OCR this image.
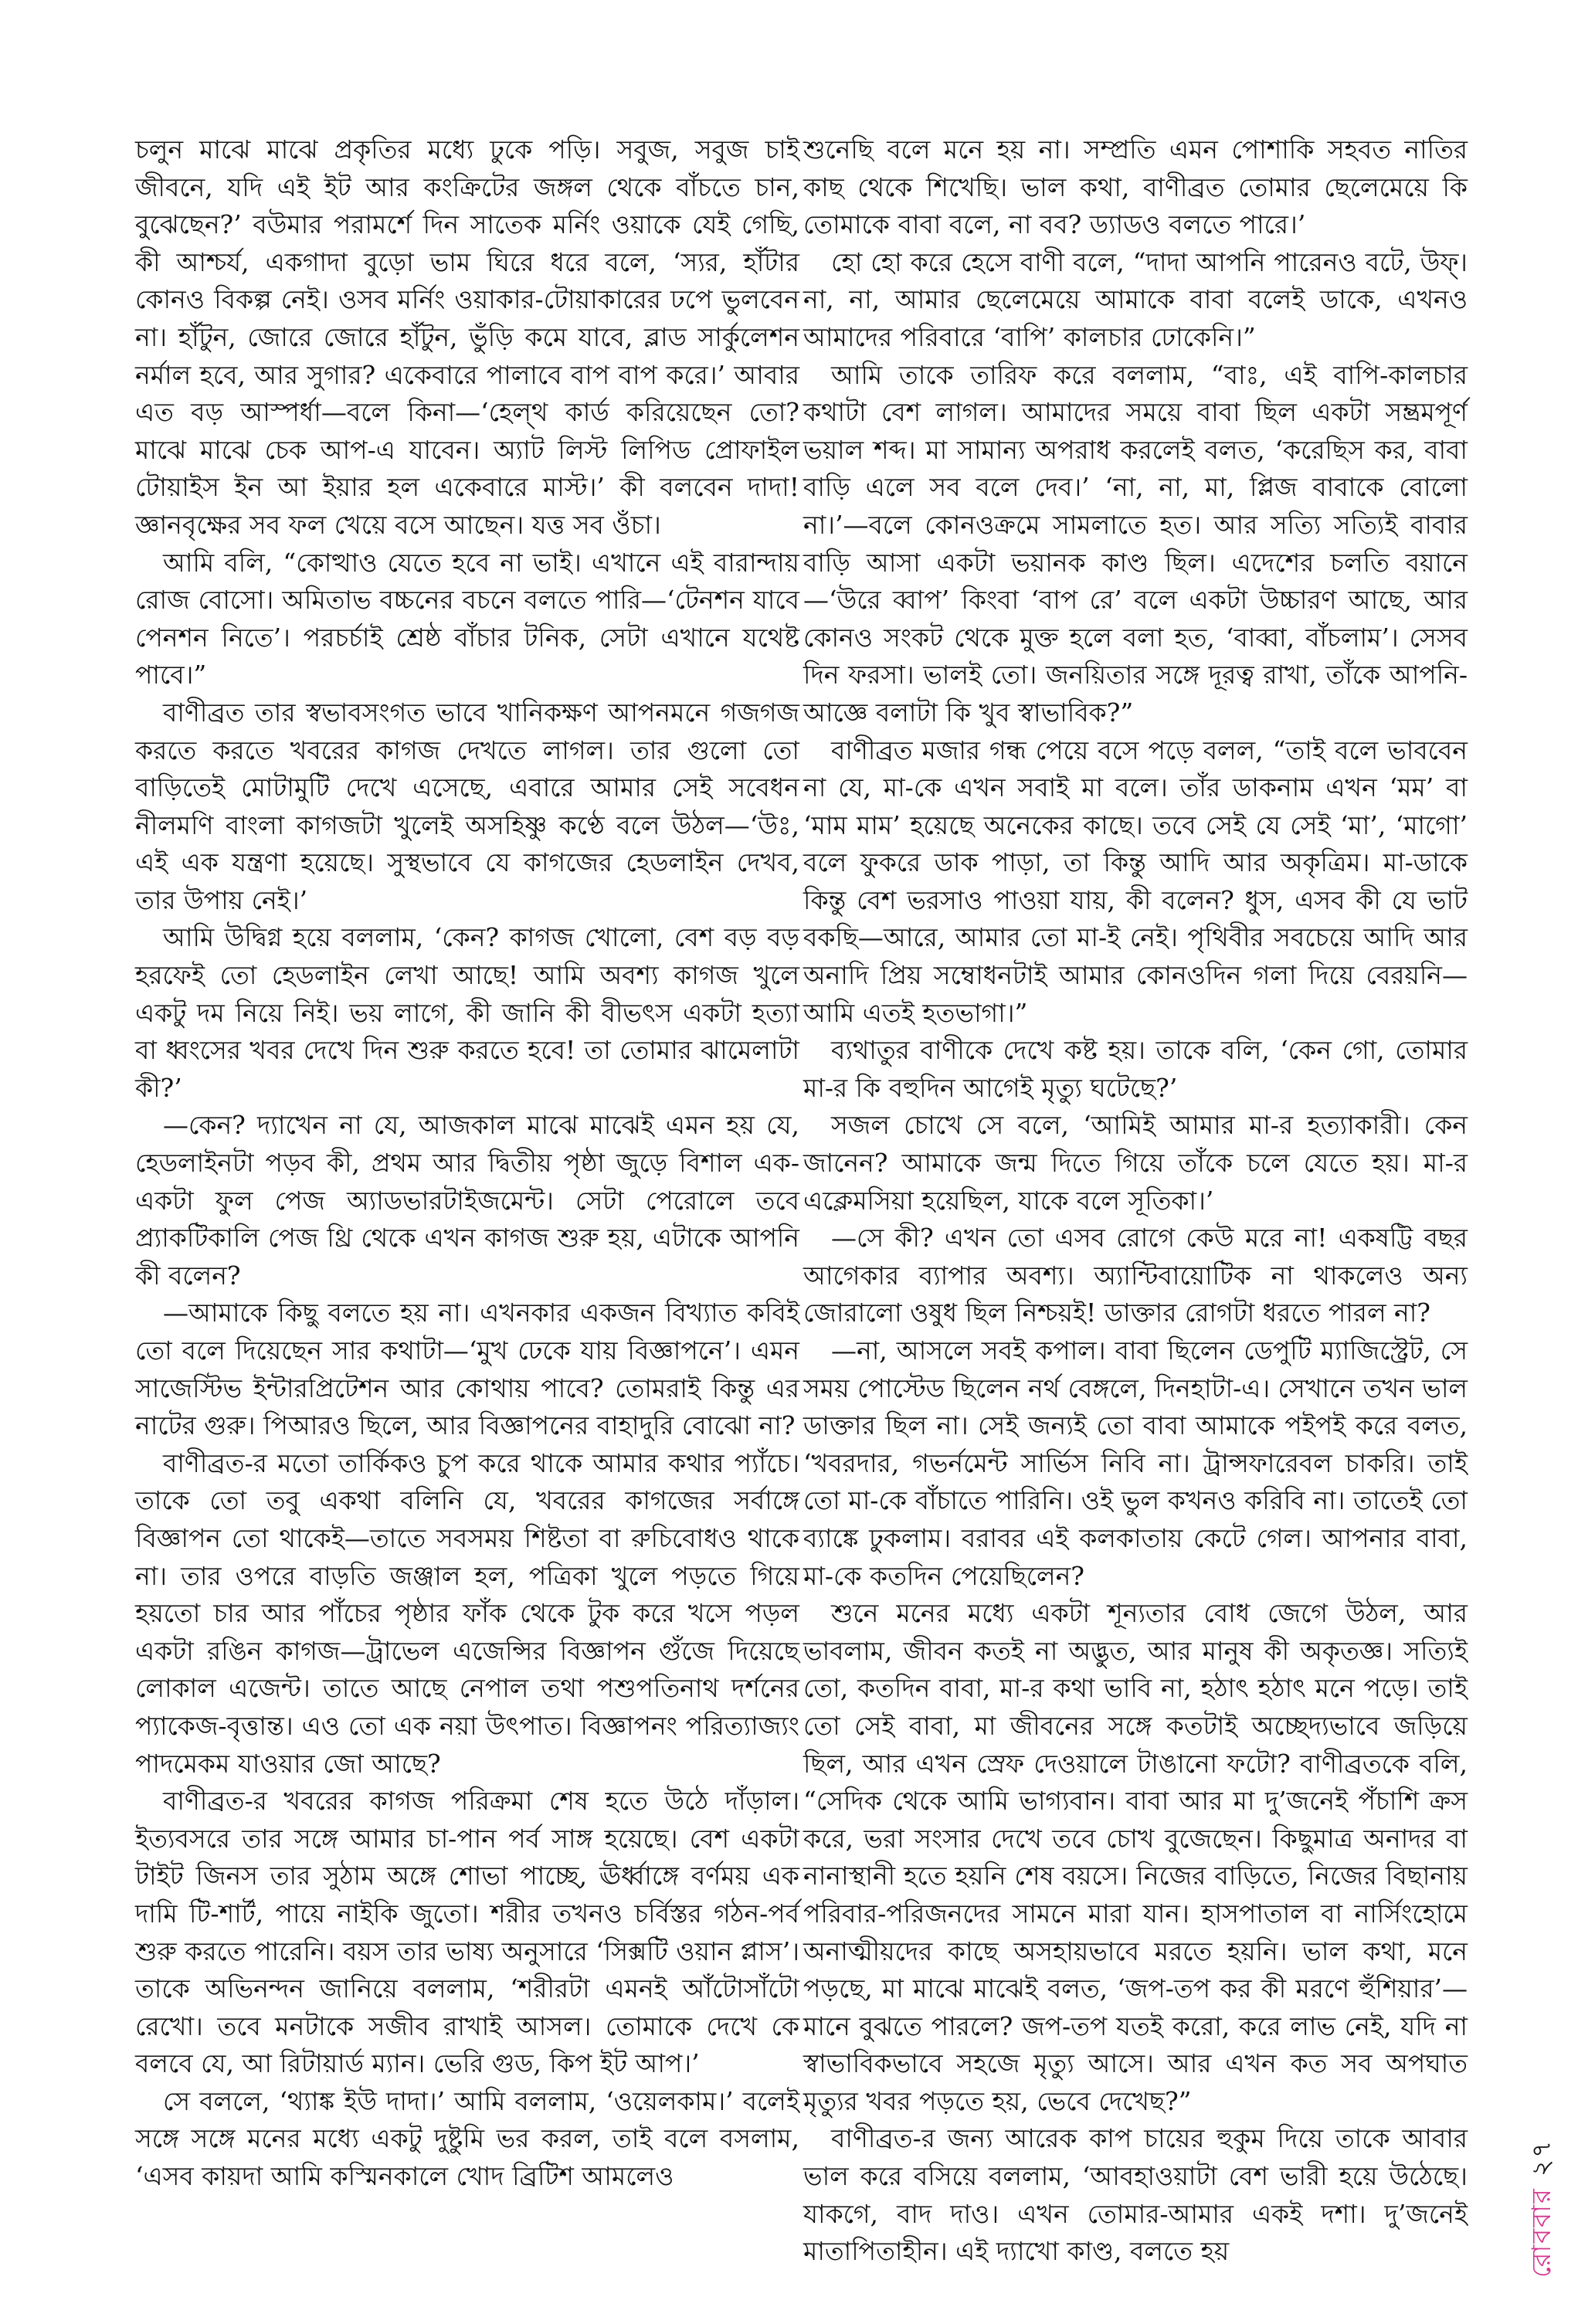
চলুন মাঝে মাঝে প্রকৃতির মধ্যে ঢুকে পড়ি। সবুজ, সবুজ চাই জীবনে, যদি এই ইট আর কংক্রিটের জঙ্গল থেকে বাঁচতে চান, বুঝেছেন?’ বউমার পরামর্শে দিন সাতেক মর্নিং ওয়াকে যেই গেছি, কী আশ্চর্য, একগাদা বুড়ো ভাম ঘিরে ধরে বলে, ‘স্যর, হাঁটার কোনও বিকল্প নেই। ওসব মর্নিং ওয়াকার-টোয়াকারের ঢপে ভুলবেন না। হাঁটুন, জোরে জোরে হাঁটুন, ভুঁড়ি কমে যাবে, ব্লাড সার্কুলেশন নর্মাল হবে, আর সুগার? একেবারে পালাবে বাপ বাপ করে।’ আবার এত বড় আস্পর্ধা—বলে কিনা—‘হেল্‌থ কার্ড করিয়েছেন তো? মাঝে মাঝে চেক আপ-এ যাবেন। অ্যাট লিস্ট লিপিড প্রোফাইল টোয়াইস ইন আ ইয়ার হল একেবারে মাস্ট।’ কী বলবেন দাদা! জ্ঞানবৃক্ষের সব ফল খেয়ে বসে আছেন। যত্ত সব ওঁচা।

আমি বলি, “কোত্থাও যেতে হবে না ভাই। এখানে এই বারান্দায় রোজ বোসো। অমিতাভ বচ্চনের বচনে বলতে পারি—‘টেনশন যাবে পেনশন নিতে’। পরচর্চাই শ্রেষ্ঠ বাঁচার টনিক, সেটা এখানে যথেষ্ট পাবে।”

বাণীব্রত তার স্বভাবসংগত ভাবে খানিকক্ষণ আপনমনে গজগজ করতে করতে খবরের কাগজ দেখতে লাগল। তার গুলো তো বাড়িতেই মোটামুটি দেখে এসেছে, এবারে আমার সেই সবেধন নীলমণি বাংলা কাগজটা খুলেই অসহিষ্ণু কণ্ঠে বলে উঠল—‘উঃ, এই এক যন্ত্রণা হয়েছে। সুস্থভাবে যে কাগজের হেডলাইন দেখব, তার উপায় নেই।’

আমি উদ্বিগ্ন হয়ে বললাম, ‘কেন? কাগজ খোলো, বেশ বড় বড় হরফেই তো হেডলাইন লেখা আছে! আমি অবশ্য কাগজ খুলে একটু দম নিয়ে নিই। ভয় লাগে, কী জানি কী বীভৎস একটা হত্যা বা ধ্বংসের খবর দেখে দিন শুরু করতে হবে! তা তোমার ঝামেলাটা কী?’

—কেন? দ্যাখেন না যে, আজকাল মাঝে মাঝেই এমন হয় যে, হেডলাইনটা পড়ব কী, প্রথম আর দ্বিতীয় পৃষ্ঠা জুড়ে বিশাল এক-একটা ফুল পেজ অ্যাডভারটাইজমেন্ট। সেটা পেরোলে তবে প্র্যাকটিকালি পেজ থ্রি থেকে এখন কাগজ শুরু হয়, এটাকে আপনি কী বলেন?

—আমাকে কিছু বলতে হয় না। এখনকার একজন বিখ্যাত কবিই তো বলে দিয়েছেন সার কথাটা—‘মুখ ঢেকে যায় বিজ্ঞাপনে’। এমন সাজেস্টিভ ইন্টারপ্রিটেশন আর কোথায় পাবে? তোমরাই কিন্তু এর নাটের গুরু। পিআরও ছিলে, আর বিজ্ঞাপনের বাহাদুরি বোঝো না?

বাণীব্রত-র মতো তার্কিকও চুপ করে থাকে আমার কথার প্যাঁচে। তাকে তো তবু একথা বলিনি যে, খবরের কাগজের সর্বাঙ্গে বিজ্ঞাপন তো থাকেই—তাতে সবসময় শিষ্টতা বা রুচিবোধও থাকে না। তার ওপরে বাড়তি জঞ্জাল হল, পত্রিকা খুলে পড়তে গিয়ে হয়তো চার আর পাঁচের পৃষ্ঠার ফাঁক থেকে টুক করে খসে পড়ল একটা রঙিন কাগজ—ট্রাভেল এজেন্সির বিজ্ঞাপন গুঁজে দিয়েছে লোকাল এজেন্ট। তাতে আছে নেপাল তথা পশুপতিনাথ দর্শনের প্যাকেজ-বৃত্তান্ত। এও তো এক নয়া উৎপাত। বিজ্ঞাপনং পরিত্যাজ্যং পাদমেকম যাওয়ার জো আছে?

বাণীব্রত-র খবরের কাগজ পরিক্রমা শেষ হতে উঠে দাঁড়াল। ইত্যবসরে তার সঙ্গে আমার চা-পান পর্ব সাঙ্গ হয়েছে। বেশ একটা টাইট জিনস তার সুঠাম অঙ্গে শোভা পাচ্ছে, ঊর্ধ্বাঙ্গে বর্ণময় এক দামি টি-শার্ট, পায়ে নাইকি জুতো। শরীর তখনও চর্বিস্তর গঠন-পর্ব শুরু করতে পারেনি। বয়স তার ভাষ্য অনুসারে ‘সিক্সটি ওয়ান প্লাস’। তাকে অভিনন্দন জানিয়ে বললাম, ‘শরীরটা এমনই আঁটোসাঁটো রেখো। তবে মনটাকে সজীব রাখাই আসল। তোমাকে দেখে কে বলবে যে, আ রিটায়ার্ড ম্যান। ভেরি গুড, কিপ ইট আপ।’

সে বললে, ‘থ্যাঙ্ক ইউ দাদা।’ আমি বললাম, ‘ওয়েলকাম।’ বলেই সঙ্গে সঙ্গে মনের মধ্যে একটু দুষ্টুমি ভর করল, তাই বলে বসলাম, ‘এসব কায়দা আমি কস্মিনকালে খোদ ব্রিটিশ আমলেও

শুনেছি বলে মনে হয় না। সম্প্রতি এমন পোশাকি সহবত নাতির কাছ থেকে শিখেছি। ভাল কথা, বাণীব্রত তোমার ছেলেমেয়ে কি তোমাকে বাবা বলে, না বব? ড্যাডও বলতে পারে।’

হো হো করে হেসে বাণী বলে, “দাদা আপনি পারেনও বটে, উফ্‌। না, না, আমার ছেলেমেয়ে আমাকে বাবা বলেই ডাকে, এখনও আমাদের পরিবারে ‘বাপি’ কালচার ঢোকেনি।”

আমি তাকে তারিফ করে বললাম, “বাঃ, এই বাপি-কালচার কথাটা বেশ লাগল। আমাদের সময়ে বাবা ছিল একটা সম্ভ্রমপূর্ণ ভয়াল শব্দ। মা সামান্য অপরাধ করলেই বলত, ‘করেছিস কর, বাবা বাড়ি এলে সব বলে দেব।’ ‘না, না, মা, প্লিজ বাবাকে বোলো না।’—বলে কোনওক্রমে সামলাতে হত। আর সত্যি সত্যিই বাবার বাড়ি আসা একটা ভয়ানক কাণ্ড ছিল। এদেশের চলতি বয়ানে—‘উরে ব্বাপ’ কিংবা ‘বাপ রে’ বলে একটা উচ্চারণ আছে, আর কোনও সংকট থেকে মুক্ত হলে বলা হত, ‘বাব্বা, বাঁচলাম’। সেসব দিন ফরসা। ভালই তো। জনয়িতার সঙ্গে দূরত্ব রাখা, তাঁকে আপনি-আজ্ঞে বলাটা কি খুব স্বাভাবিক?”

বাণীব্রত মজার গন্ধ পেয়ে বসে পড়ে বলল, “তাই বলে ভাববেন না যে, মা-কে এখন সবাই মা বলে। তাঁর ডাকনাম এখন ‘মম’ বা ‘মাম মাম’ হয়েছে অনেকের কাছে। তবে সেই যে সেই ‘মা’, ‘মাগো’ বলে ফুকরে ডাক পাড়া, তা কিন্তু আদি আর অকৃত্রিম। মা-ডাকে কিন্তু বেশ ভরসাও পাওয়া যায়, কী বলেন? ধুস, এসব কী যে ভাট বকছি—আরে, আমার তো মা-ই নেই। পৃথিবীর সবচেয়ে আদি আর অনাদি প্রিয় সম্বোধনটাই আমার কোনওদিন গলা দিয়ে বেরয়নি—আমি এতই হতভাগা।”

ব্যথাতুর বাণীকে দেখে কষ্ট হয়। তাকে বলি, ‘কেন গো, তোমার মা-র কি বহুদিন আগেই মৃত্যু ঘটেছে?’

সজল চোখে সে বলে, ‘আমিই আমার মা-র হত্যাকারী। কেন জানেন? আমাকে জন্ম দিতে গিয়ে তাঁকে চলে যেতে হয়। মা-র এক্লেমসিয়া হয়েছিল, যাকে বলে সূতিকা।’

—সে কী? এখন তো এসব রোগে কেউ মরে না! একষট্টি বছর আগেকার ব্যাপার অবশ্য। অ্যান্টিবায়োটিক না থাকলেও অন্য জোরালো ওষুধ ছিল নিশ্চয়ই! ডাক্তার রোগটা ধরতে পারল না?

—না, আসলে সবই কপাল। বাবা ছিলেন ডেপুটি ম্যাজিস্ট্রেট, সে সময় পোস্টেড ছিলেন নর্থ বেঙ্গলে, দিনহাটা-এ। সেখানে তখন ভাল ডাক্তার ছিল না। সেই জন্যই তো বাবা আমাকে পইপই করে বলত, ‘খবরদার, গভর্নমেন্ট সার্ভিস নিবি না। ট্রান্সফারেবল চাকরি। তাই তো মা-কে বাঁচাতে পারিনি। ওই ভুল কখনও করিবি না। তাতেই তো ব্যাঙ্কে ঢুকলাম। বরাবর এই কলকাতায় কেটে গেল। আপনার বাবা, মা-কে কতদিন পেয়েছিলেন?

শুনে মনের মধ্যে একটা শূন্যতার বোধ জেগে উঠল, আর ভাবলাম, জীবন কতই না অদ্ভুত, আর মানুষ কী অকৃতজ্ঞ। সত্যিই তো, কতদিন বাবা, মা-র কথা ভাবি না, হঠাৎ হঠাৎ মনে পড়ে। তাই তো সেই বাবা, মা জীবনের সঙ্গে কতটাই অচ্ছেদ্যভাবে জড়িয়ে ছিল, আর এখন স্রেফ দেওয়ালে টাঙানো ফটো? বাণীব্রতকে বলি, “সেদিক থেকে আমি ভাগ্যবান। বাবা আর মা দু’জনেই পঁচাশি ক্রস করে, ভরা সংসার দেখে তবে চোখ বুজেছেন। কিছুমাত্র অনাদর বা নানাস্থানী হতে হয়নি শেষ বয়সে। নিজের বাড়িতে, নিজের বিছানায় পরিবার-পরিজনদের সামনে মারা যান। হাসপাতাল বা নার্সিংহোমে অনাত্মীয়দের কাছে অসহায়ভাবে মরতে হয়নি। ভাল কথা, মনে পড়ছে, মা মাঝে মাঝেই বলত, ‘জপ-তপ কর কী মরণে হুঁশিয়ার’—মানে বুঝতে পারলে? জপ-তপ যতই করো, করে লাভ নেই, যদি না স্বাভাবিকভাবে সহজে মৃত্যু আসে। আর এখন কত সব অপঘাত মৃত্যুর খবর পড়তে হয়, ভেবে দেখেছ?”

বাণীব্রত-র জন্য আরেক কাপ চায়ের হুকুম দিয়ে তাকে আবার ভাল করে বসিয়ে বললাম, ‘আবহাওয়াটা বেশ ভারী হয়ে উঠেছে। যাকগে, বাদ দাও। এখন তোমার-আমার একই দশা। দু’জনেই মাতাপিতাহীন। এই দ্যাখো কাণ্ড, বলতে হয়	রোববার
২৭
